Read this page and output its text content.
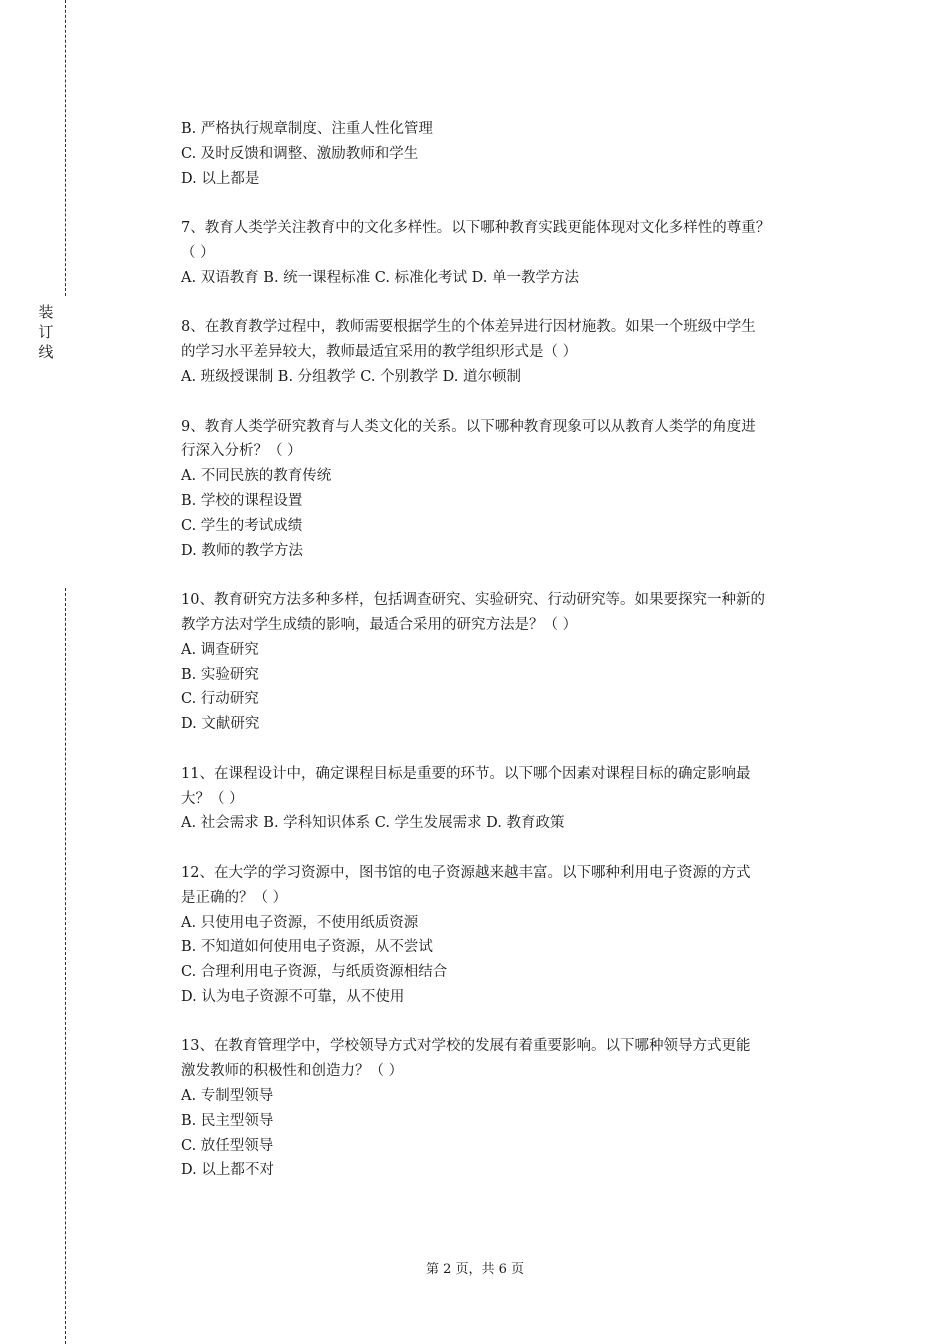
装
订
线
B. 严格执行规章制度、注重人性化管理
C. 及时反馈和调整、激励教师和学生
D. 以上都是
7、教育人类学关注教育中的文化多样性。以下哪种教育实践更能体现对文化多样性的尊重？
（ ）
A. 双语教育 B. 统一课程标准 C. 标准化考试 D. 单一教学方法
8、在教育教学过程中，教师需要根据学生的个体差异进行因材施教。如果一个班级中学生
的学习水平差异较大，教师最适宜采用的教学组织形式是（ ）
A. 班级授课制 B. 分组教学 C. 个别教学 D. 道尔顿制
9、教育人类学研究教育与人类文化的关系。以下哪种教育现象可以从教育人类学的角度进
行深入分析？（ ）
A. 不同民族的教育传统
B. 学校的课程设置
C. 学生的考试成绩
D. 教师的教学方法
10、教育研究方法多种多样，包括调查研究、实验研究、行动研究等。如果要探究一种新的
教学方法对学生成绩的影响，最适合采用的研究方法是？（ ）
A. 调查研究
B. 实验研究
C. 行动研究
D. 文献研究
11、在课程设计中，确定课程目标是重要的环节。以下哪个因素对课程目标的确定影响最
大？（ ）
A. 社会需求 B. 学科知识体系 C. 学生发展需求 D. 教育政策
12、在大学的学习资源中，图书馆的电子资源越来越丰富。以下哪种利用电子资源的方式
是正确的？（ ）
A. 只使用电子资源，不使用纸质资源
B. 不知道如何使用电子资源，从不尝试
C. 合理利用电子资源，与纸质资源相结合
D. 认为电子资源不可靠，从不使用
13、在教育管理学中，学校领导方式对学校的发展有着重要影响。以下哪种领导方式更能
激发教师的积极性和创造力？（ ）
A. 专制型领导
B. 民主型领导
C. 放任型领导
D. 以上都不对
第 2 页，共 6 页
